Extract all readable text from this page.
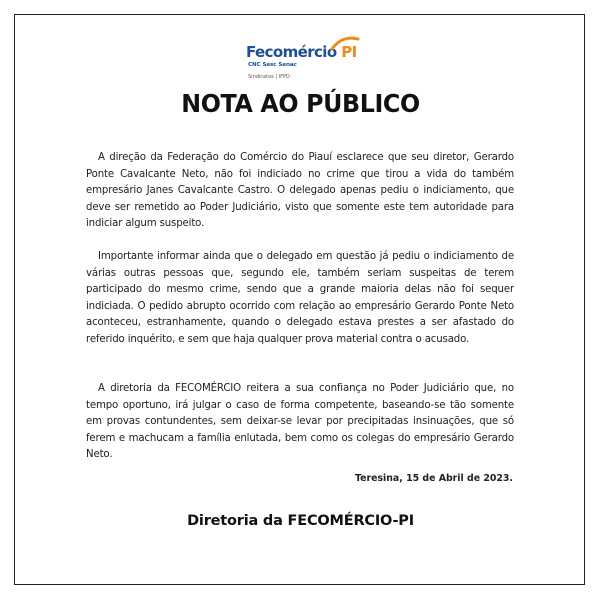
Fecomércio PI
CNC Sesc Senac
Sindicatos | IFPD
NOTA AO PÚBLICO

A direção da Federação do Comércio do Piauí esclarece que seu diretor, Gerardo Ponte Cavalcante Neto, não foi indiciado no crime que tirou a vida do também empresário Janes Cavalcante Castro. O delegado apenas pediu o indiciamento, que deve ser remetido ao Poder Judiciário, visto que somente este tem autoridade para indiciar algum suspeito.

Importante informar ainda que o delegado em questão já pediu o indiciamento de várias outras pessoas que, segundo ele, também seriam suspeitas de terem participado do mesmo crime, sendo que a grande maioria delas não foi sequer indiciada. O pedido abrupto ocorrido com relação ao empresário Gerardo Ponte Neto aconteceu, estranhamente, quando o delegado estava prestes a ser afastado do referido inquérito, e sem que haja qualquer prova material contra o acusado.

A diretoria da FECOMÉRCIO reitera a sua confiança no Poder Judiciário que, no tempo oportuno, irá julgar o caso de forma competente, baseando-se tão somente em provas contundentes, sem deixar-se levar por precipitadas insinuações, que só ferem e machucam a família enlutada, bem como os colegas do empresário Gerardo Neto.

Teresina, 15 de Abril de 2023.
Diretoria da FECOMÉRCIO-PI
